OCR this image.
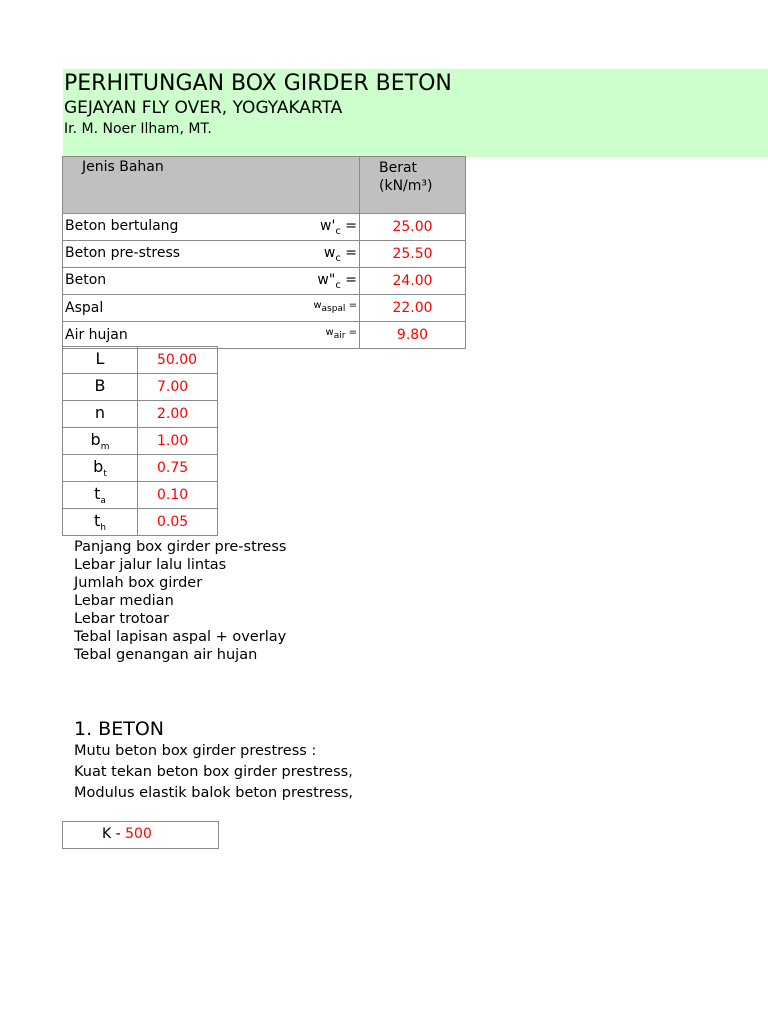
PERHITUNGAN BOX GIRDER BETON
GEJAYAN FLY OVER, YOGYAKARTA
Ir. M. Noer Ilham, MT.
Jenis Bahan	Berat
(kN/m³)

Beton bertulang $w'_c$ =	25.00

Beton pre-stress $w_c$ =	25.50

Beton $w"_c$ =	24.00

Aspal $w_{aspal}$ =	22.00

Air hujan $w_{air}$ =	9.80
L	50.00
B	7.00
n	2.00
$b_m$	1.00
$b_t$	0.75
$t_a$	0.10
$t_h$	0.05
Panjang box girder pre-stress
Lebar jalur lalu lintas
Jumlah box girder
Lebar median
Lebar trotoar
Tebal lapisan aspal + overlay
Tebal genangan air hujan
1. BETON
Mutu beton box girder prestress :
Kuat tekan beton box girder prestress,
Modulus elastik balok beton prestress,
K - 500
